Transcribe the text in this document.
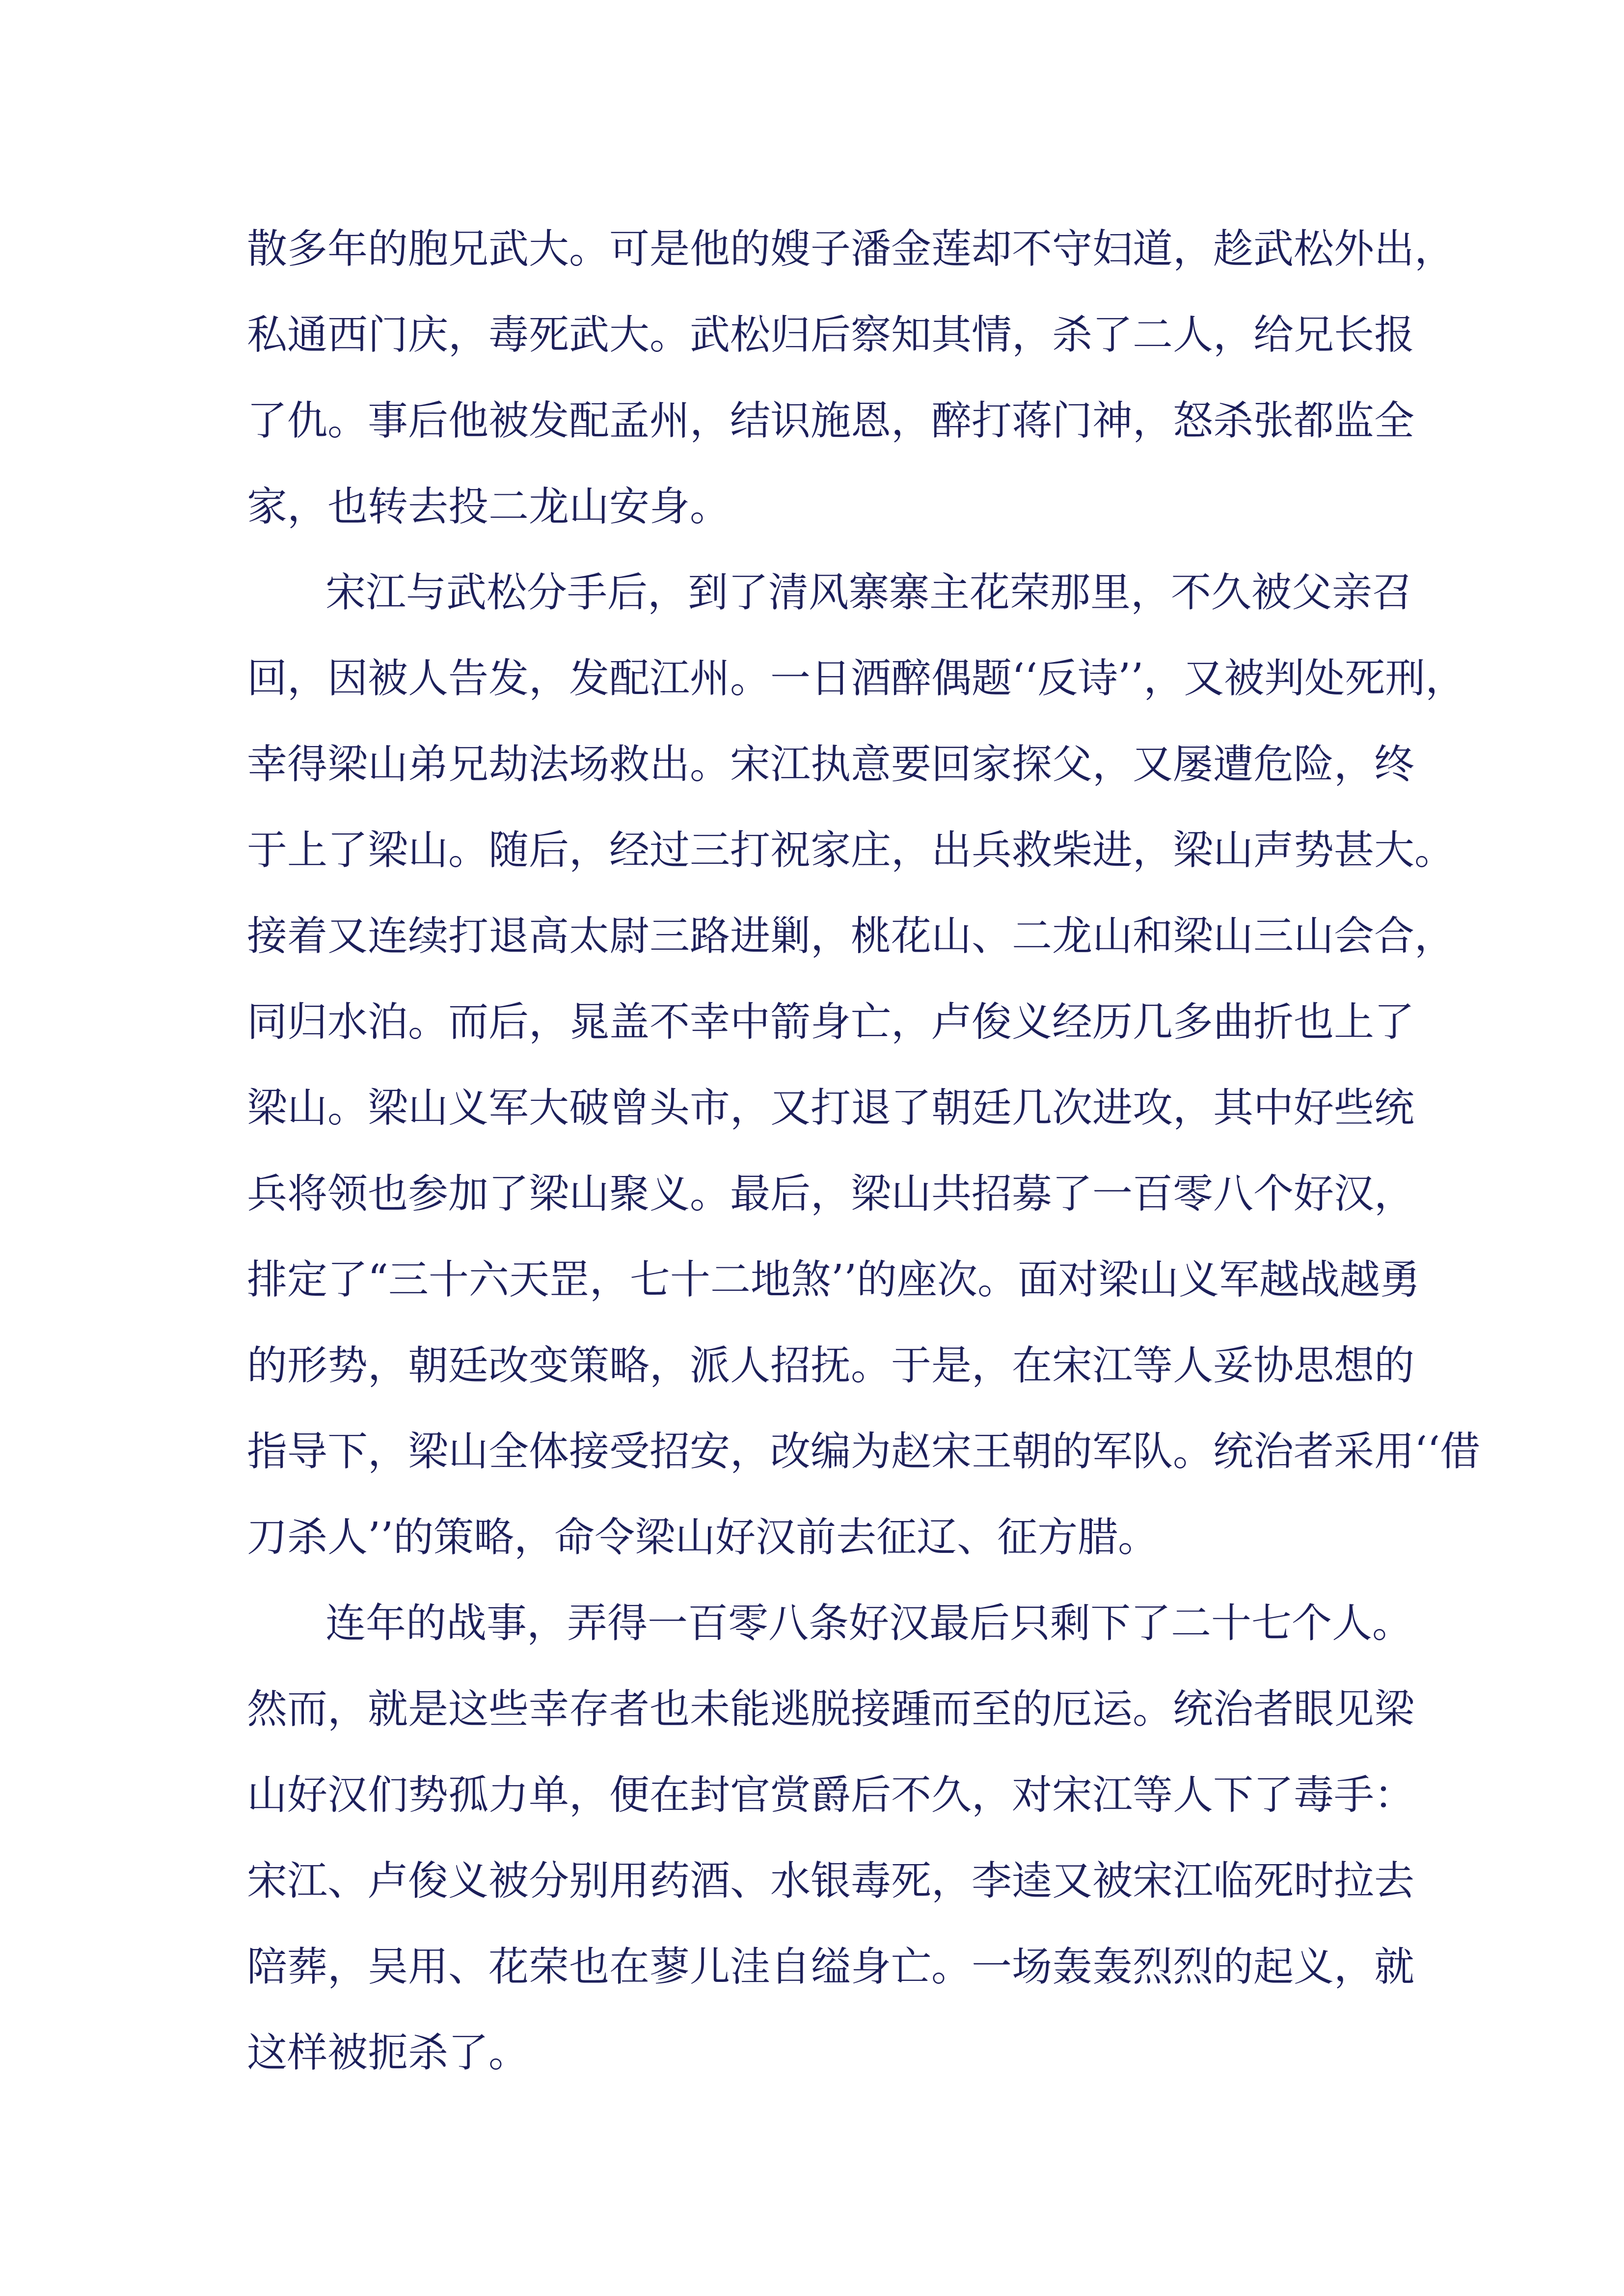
散多年的胞兄武大。可是他的嫂子潘金莲却不守妇道，趁武松外出，
私通西门庆，毒死武大。武松归后察知其情，杀了二人，给兄长报
了仇。事后他被发配孟州，结识施恩，醉打蒋门神，怒杀张都监全
家，也转去投二龙山安身。
宋江与武松分手后，到了清风寨寨主花荣那里，不久被父亲召
回，因被人告发，发配江州。一日酒醉偶题‘‘反诗’’，又被判处死刑，
幸得梁山弟兄劫法场救出。宋江执意要回家探父，又屡遭危险，终
于上了梁山。随后，经过三打祝家庄，出兵救柴进，梁山声势甚大。
接着又连续打退高太尉三路进剿，桃花山、二龙山和梁山三山会合，
同归水泊。而后，晁盖不幸中箭身亡，卢俊义经历几多曲折也上了
梁山。梁山义军大破曾头市，又打退了朝廷几次进攻，其中好些统
兵将领也参加了梁山聚义。最后，梁山共招募了一百零八个好汉，
排定了“三十六天罡，七十二地煞’’的座次。面对梁山义军越战越勇
的形势，朝廷改变策略，派人招抚。于是，在宋江等人妥协思想的
指导下，梁山全体接受招安，改编为赵宋王朝的军队。统治者采用‘‘借
刀杀人’’的策略，命令梁山好汉前去征辽、征方腊。
连年的战事，弄得一百零八条好汉最后只剩下了二十七个人。
然而，就是这些幸存者也未能逃脱接踵而至的厄运。统治者眼见梁
山好汉们势孤力单，便在封官赏爵后不久，对宋江等人下了毒手：
宋江、卢俊义被分别用药酒、水银毒死，李逵又被宋江临死时拉去
陪葬，吴用、花荣也在蓼儿洼自缢身亡。一场轰轰烈烈的起义，就
这样被扼杀了。
